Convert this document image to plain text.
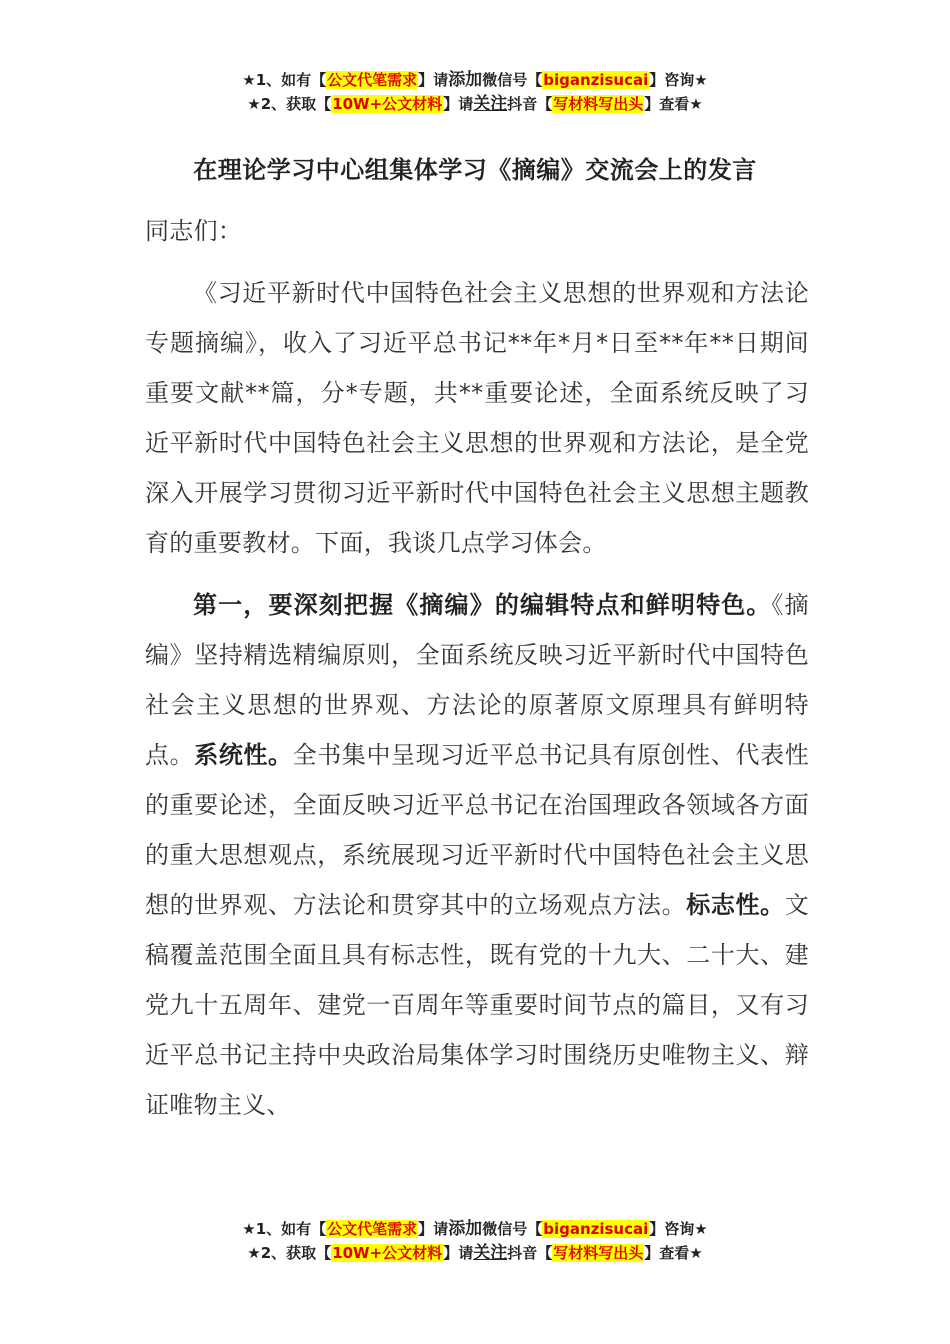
★1、如有【公文代笔需求】请添加微信号【biganzisucai】咨询★
★2、获取【10W+公文材料】请关注抖音【写材料写出头】查看★
在理论学习中心组集体学习《摘编》交流会上的发言
同志们：

《习近平新时代中国特色社会主义思想的世界观和方法论专题摘编》，收入了习近平总书记**年*月*日至**年**日期间重要文献**篇，分*专题，共**重要论述，全面系统反映了习近平新时代中国特色社会主义思想的世界观和方法论，是全党深入开展学习贯彻习近平新时代中国特色社会主义思想主题教育的重要教材。下面，我谈几点学习体会。

第一，要深刻把握《摘编》的编辑特点和鲜明特色。《摘编》坚持精选精编原则，全面系统反映习近平新时代中国特色社会主义思想的世界观、方法论的原著原文原理具有鲜明特点。系统性。全书集中呈现习近平总书记具有原创性、代表性的重要论述，全面反映习近平总书记在治国理政各领域各方面的重大思想观点，系统展现习近平新时代中国特色社会主义思想的世界观、方法论和贯穿其中的立场观点方法。标志性。文稿覆盖范围全面且具有标志性，既有党的十九大、二十大、建党九十五周年、建党一百周年等重要时间节点的篇目，又有习近平总书记主持中央政治局集体学习时围绕历史唯物主义、辩证唯物主义、

★1、如有【公文代笔需求】请添加微信号【biganzisucai】咨询★
★2、获取【10W+公文材料】请关注抖音【写材料写出头】查看★
